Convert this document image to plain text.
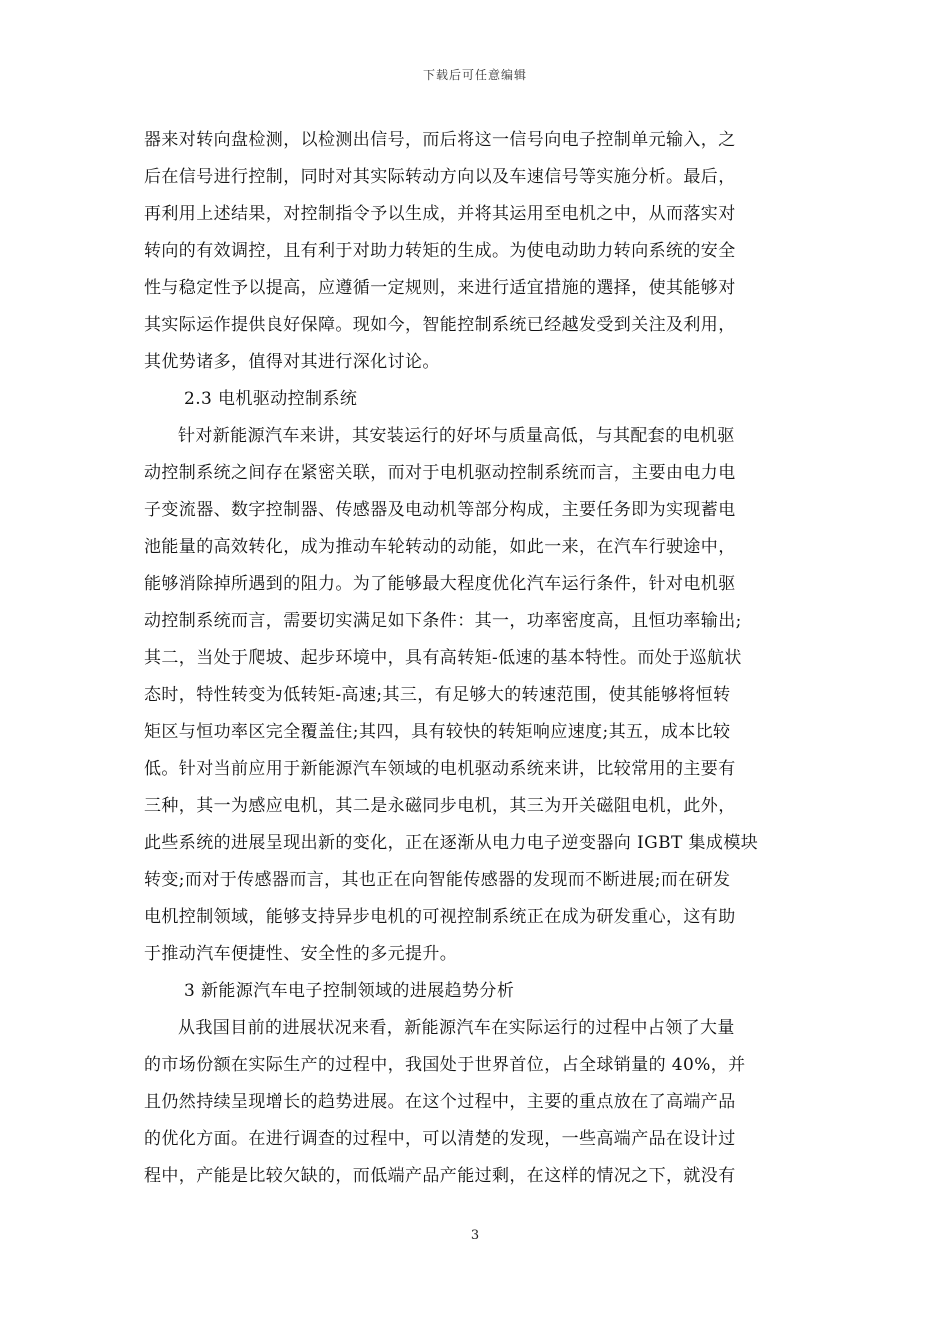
下载后可任意编辑
器来对转向盘检测，以检测出信号，而后将这一信号向电子控制单元输入，之
后在信号进行控制，同时对其实际转动方向以及车速信号等实施分析。最后，
再利用上述结果，对控制指令予以生成，并将其运用至电机之中，从而落实对
转向的有效调控，且有利于对助力转矩的生成。为使电动助力转向系统的安全
性与稳定性予以提高，应遵循一定规则，来进行适宜措施的選择，使其能够对
其实际运作提供良好保障。现如今，智能控制系统已经越发受到关注及利用，
其优势诸多，值得对其进行深化讨论。
2.3 电机驱动控制系统
针对新能源汽车来讲，其安装运行的好坏与质量高低，与其配套的电机驱
动控制系统之间存在紧密关联，而对于电机驱动控制系统而言，主要由电力电
子变流器、数字控制器、传感器及电动机等部分构成，主要任务即为实现蓄电
池能量的高效转化，成为推动车轮转动的动能，如此一来，在汽车行驶途中，
能够消除掉所遇到的阻力。为了能够最大程度优化汽车运行条件，针对电机驱
动控制系统而言，需要切实满足如下条件：其一，功率密度高，且恒功率输出;
其二，当处于爬坡、起步环境中，具有高转矩-低速的基本特性。而处于巡航状
态时，特性转变为低转矩-高速;其三，有足够大的转速范围，使其能够将恒转
矩区与恒功率区完全覆盖住;其四，具有较快的转矩响应速度;其五，成本比较
低。针对当前应用于新能源汽车领域的电机驱动系统来讲，比较常用的主要有
三种，其一为感应电机，其二是永磁同步电机，其三为开关磁阻电机，此外，
此些系统的进展呈现出新的变化，正在逐渐从电力电子逆变器向 IGBT 集成模块
转变;而对于传感器而言，其也正在向智能传感器的发现而不断进展;而在研发
电机控制领域，能够支持异步电机的可视控制系统正在成为研发重心，这有助
于推动汽车便捷性、安全性的多元提升。
3 新能源汽车电子控制领域的进展趋势分析
从我国目前的进展状况来看，新能源汽车在实际运行的过程中占领了大量
的市场份额在实际生产的过程中，我国处于世界首位，占全球销量的 40%，并
且仍然持续呈现增长的趋势进展。在这个过程中，主要的重点放在了高端产品
的优化方面。在进行调查的过程中，可以清楚的发现，一些高端产品在设计过
程中，产能是比较欠缺的，而低端产品产能过剩，在这样的情况之下，就没有
3
